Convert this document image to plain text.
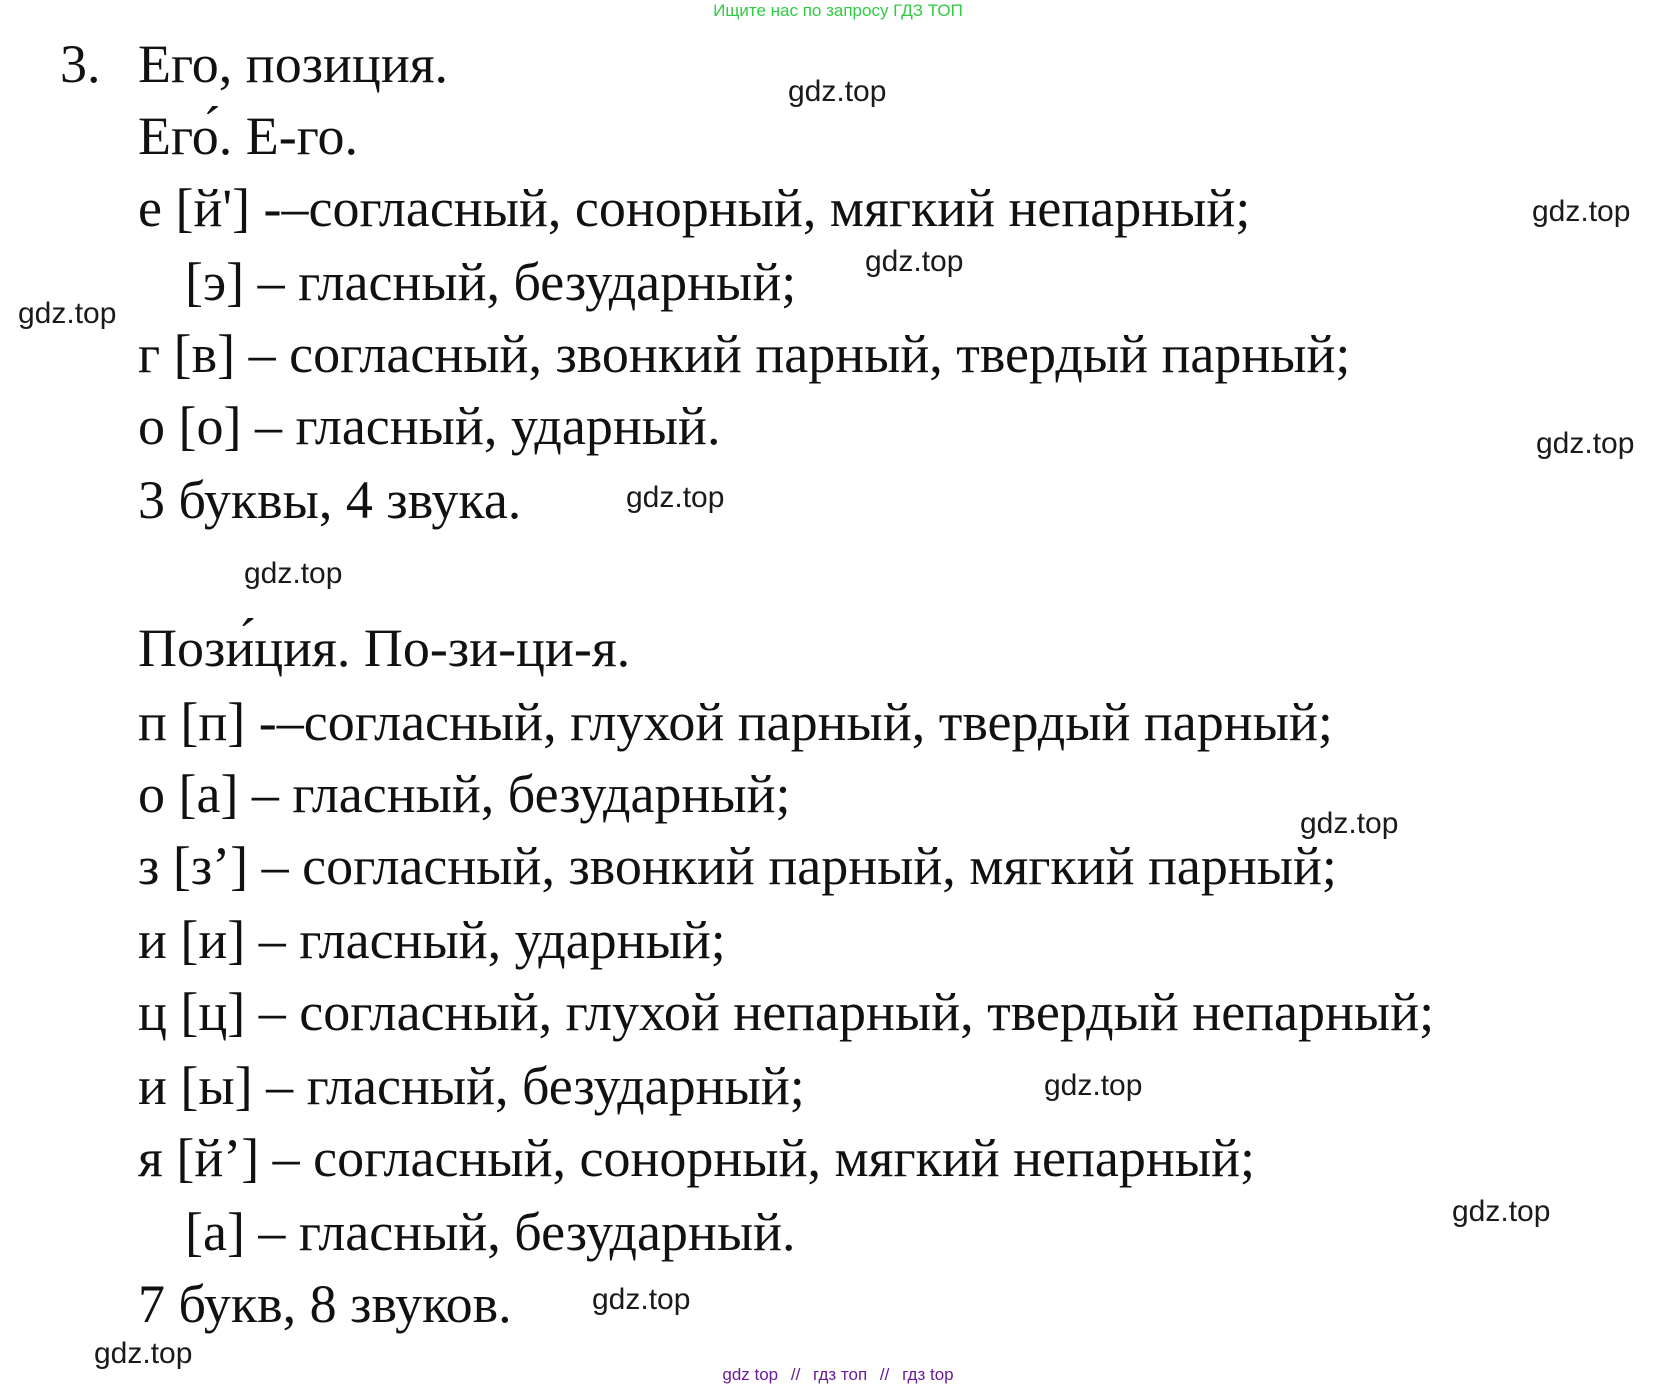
Ищите нас по запросу ГДЗ ТОП
3. Его, позиция.
Его́. Е-го.
е [й'] -–согласный, сонорный, мягкий непарный;
[э] – гласный, безударный;
г [в] – согласный, звонкий парный, твердый парный;
о [о] – гласный, ударный.
3 буквы, 4 звука.
Пози́ция. По-зи-ци-я.
п [п] -–согласный, глухой парный, твердый парный;
о [а] – гласный, безударный;
з [з’] – согласный, звонкий парный, мягкий парный;
и [и] – гласный, ударный;
ц [ц] – согласный, глухой непарный, твердый непарный;
и [ы] – гласный, безударный;
я [й’] – согласный, сонорный, мягкий непарный;
[а] – гласный, безударный.
7 букв, 8 звуков.
gdz.top
gdz.top
gdz.top
gdz.top
gdz.top
gdz.top
gdz.top
gdz.top
gdz.top
gdz.top
gdz.top
gdz.top
gdz top // гдз топ // гдз top
